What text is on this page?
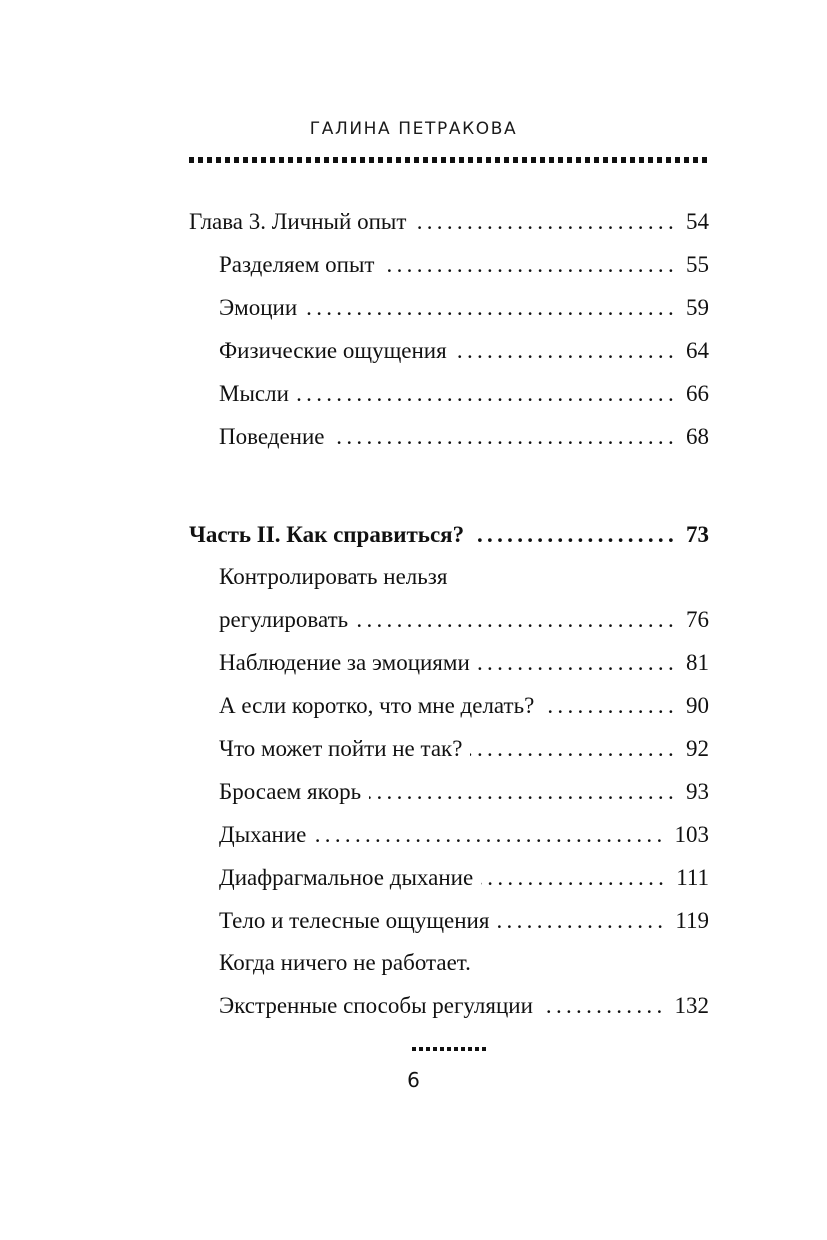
ГАЛИНА ПЕТРАКОВА
Глава 3. Личный опыт .....	54
Разделяем опыт .....	55
Эмоции .....	59
Физические ощущения .....	64
Мысли .....	66
Поведение .....	68
Часть II. Как справиться? .....	73
Контролировать нельзя
регулировать .....	76
Наблюдение за эмоциями .....	81
А если коротко, что мне делать? .....	90
Что может пойти не так? .....	92
Бросаем якорь .....	93
Дыхание .....	103
Диафрагмальное дыхание .....	111
Тело и телесные ощущения .....	119
Когда ничего не работает.
Экстренные способы регуляции .....	132
6
